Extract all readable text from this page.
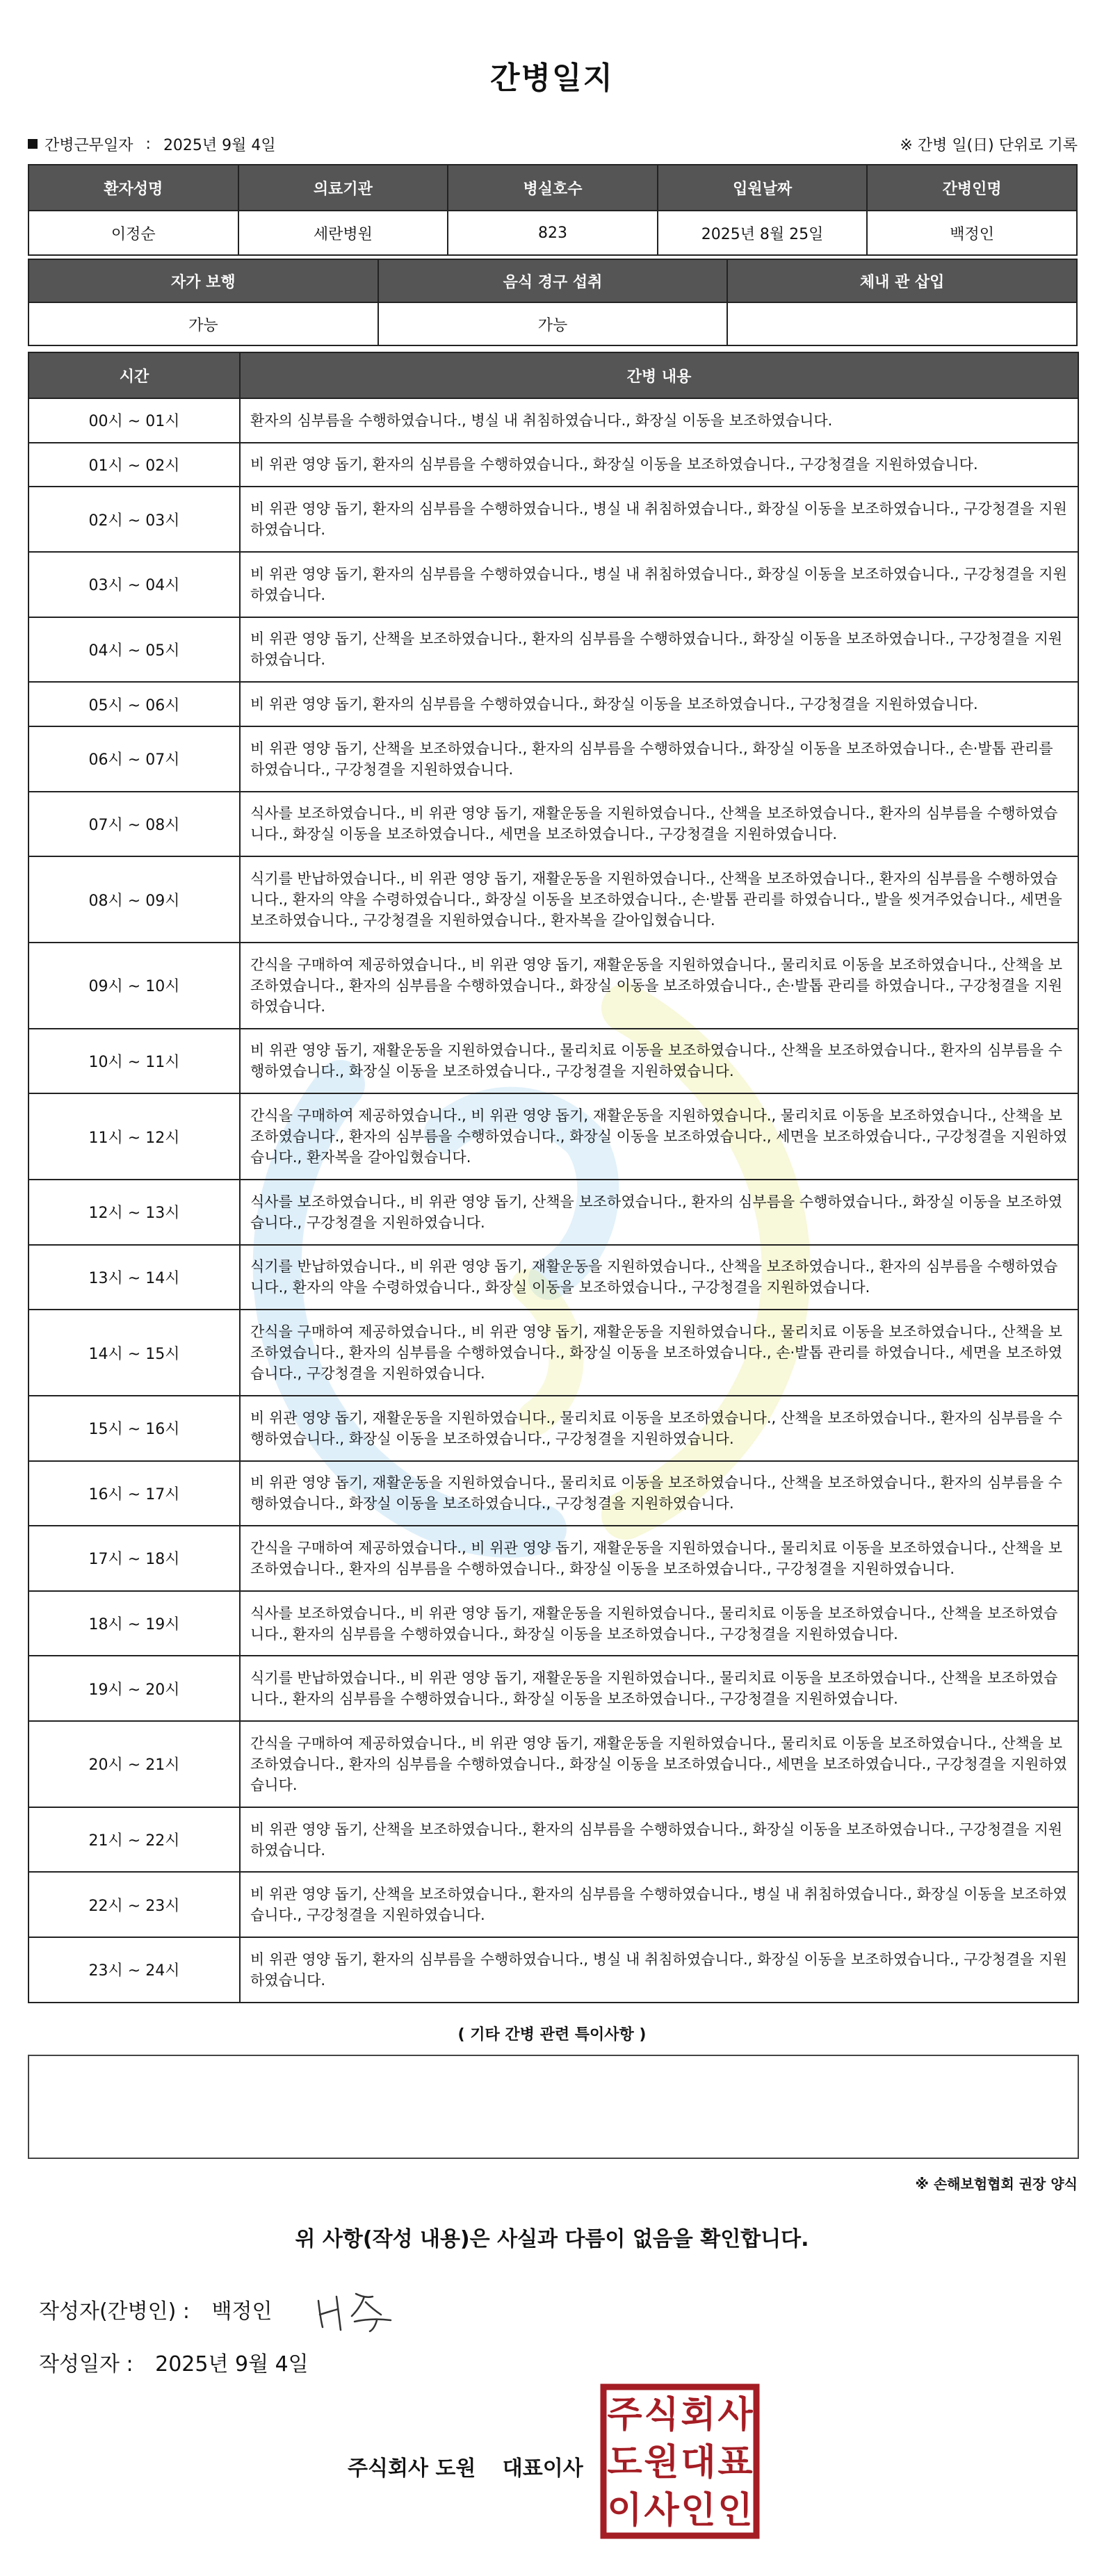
간병일지
간병근무일자 : 2025년 9월 4일	※ 간병 일(日) 단위로 기록
환자성명	의료기관	병실호수	입원날짜	간병인명
이정순	세란병원	823	2025년 8월 25일	백정인
자가 보행	음식 경구 섭취	체내 관 삽입
가능	가능	
시간	간병 내용
00시 ~ 01시	환자의 심부름을 수행하였습니다., 병실 내 취침하였습니다., 화장실 이동을 보조하였습니다.
01시 ~ 02시	비 위관 영양 돕기, 환자의 심부름을 수행하였습니다., 화장실 이동을 보조하였습니다., 구강청결을 지원하였습니다.
02시 ~ 03시	비 위관 영양 돕기, 환자의 심부름을 수행하였습니다., 병실 내 취침하였습니다., 화장실 이동을 보조하였습니다., 구강청결을 지원하였습니다.
03시 ~ 04시	비 위관 영양 돕기, 환자의 심부름을 수행하였습니다., 병실 내 취침하였습니다., 화장실 이동을 보조하였습니다., 구강청결을 지원하였습니다.
04시 ~ 05시	비 위관 영양 돕기, 산책을 보조하였습니다., 환자의 심부름을 수행하였습니다., 화장실 이동을 보조하였습니다., 구강청결을 지원하였습니다.
05시 ~ 06시	비 위관 영양 돕기, 환자의 심부름을 수행하였습니다., 화장실 이동을 보조하였습니다., 구강청결을 지원하였습니다.
06시 ~ 07시	비 위관 영양 돕기, 산책을 보조하였습니다., 환자의 심부름을 수행하였습니다., 화장실 이동을 보조하였습니다., 손·발톱 관리를 하였습니다., 구강청결을 지원하였습니다.
07시 ~ 08시	식사를 보조하였습니다., 비 위관 영양 돕기, 재활운동을 지원하였습니다., 산책을 보조하였습니다., 환자의 심부름을 수행하였습니다., 화장실 이동을 보조하였습니다., 세면을 보조하였습니다., 구강청결을 지원하였습니다.
08시 ~ 09시	식기를 반납하였습니다., 비 위관 영양 돕기, 재활운동을 지원하였습니다., 산책을 보조하였습니다., 환자의 심부름을 수행하였습니다., 환자의 약을 수령하였습니다., 화장실 이동을 보조하였습니다., 손·발톱 관리를 하였습니다., 발을 씻겨주었습니다., 세면을 보조하였습니다., 구강청결을 지원하였습니다., 환자복을 갈아입혔습니다.
09시 ~ 10시	간식을 구매하여 제공하였습니다., 비 위관 영양 돕기, 재활운동을 지원하였습니다., 물리치료 이동을 보조하였습니다., 산책을 보조하였습니다., 환자의 심부름을 수행하였습니다., 화장실 이동을 보조하였습니다., 손·발톱 관리를 하였습니다., 구강청결을 지원하였습니다.
10시 ~ 11시	비 위관 영양 돕기, 재활운동을 지원하였습니다., 물리치료 이동을 보조하였습니다., 산책을 보조하였습니다., 환자의 심부름을 수행하였습니다., 화장실 이동을 보조하였습니다., 구강청결을 지원하였습니다.
11시 ~ 12시	간식을 구매하여 제공하였습니다., 비 위관 영양 돕기, 재활운동을 지원하였습니다., 물리치료 이동을 보조하였습니다., 산책을 보조하였습니다., 환자의 심부름을 수행하였습니다., 화장실 이동을 보조하였습니다., 세면을 보조하였습니다., 구강청결을 지원하였습니다., 환자복을 갈아입혔습니다.
12시 ~ 13시	식사를 보조하였습니다., 비 위관 영양 돕기, 산책을 보조하였습니다., 환자의 심부름을 수행하였습니다., 화장실 이동을 보조하였습니다., 구강청결을 지원하였습니다.
13시 ~ 14시	식기를 반납하였습니다., 비 위관 영양 돕기, 재활운동을 지원하였습니다., 산책을 보조하였습니다., 환자의 심부름을 수행하였습니다., 환자의 약을 수령하였습니다., 화장실 이동을 보조하였습니다., 구강청결을 지원하였습니다.
14시 ~ 15시	간식을 구매하여 제공하였습니다., 비 위관 영양 돕기, 재활운동을 지원하였습니다., 물리치료 이동을 보조하였습니다., 산책을 보조하였습니다., 환자의 심부름을 수행하였습니다., 화장실 이동을 보조하였습니다., 손·발톱 관리를 하였습니다., 세면을 보조하였습니다., 구강청결을 지원하였습니다.
15시 ~ 16시	비 위관 영양 돕기, 재활운동을 지원하였습니다., 물리치료 이동을 보조하였습니다., 산책을 보조하였습니다., 환자의 심부름을 수행하였습니다., 화장실 이동을 보조하였습니다., 구강청결을 지원하였습니다.
16시 ~ 17시	비 위관 영양 돕기, 재활운동을 지원하였습니다., 물리치료 이동을 보조하였습니다., 산책을 보조하였습니다., 환자의 심부름을 수행하였습니다., 화장실 이동을 보조하였습니다., 구강청결을 지원하였습니다.
17시 ~ 18시	간식을 구매하여 제공하였습니다., 비 위관 영양 돕기, 재활운동을 지원하였습니다., 물리치료 이동을 보조하였습니다., 산책을 보조하였습니다., 환자의 심부름을 수행하였습니다., 화장실 이동을 보조하였습니다., 구강청결을 지원하였습니다.
18시 ~ 19시	식사를 보조하였습니다., 비 위관 영양 돕기, 재활운동을 지원하였습니다., 물리치료 이동을 보조하였습니다., 산책을 보조하였습니다., 환자의 심부름을 수행하였습니다., 화장실 이동을 보조하였습니다., 구강청결을 지원하였습니다.
19시 ~ 20시	식기를 반납하였습니다., 비 위관 영양 돕기, 재활운동을 지원하였습니다., 물리치료 이동을 보조하였습니다., 산책을 보조하였습니다., 환자의 심부름을 수행하였습니다., 화장실 이동을 보조하였습니다., 구강청결을 지원하였습니다.
20시 ~ 21시	간식을 구매하여 제공하였습니다., 비 위관 영양 돕기, 재활운동을 지원하였습니다., 물리치료 이동을 보조하였습니다., 산책을 보조하였습니다., 환자의 심부름을 수행하였습니다., 화장실 이동을 보조하였습니다., 세면을 보조하였습니다., 구강청결을 지원하였습니다.
21시 ~ 22시	비 위관 영양 돕기, 산책을 보조하였습니다., 환자의 심부름을 수행하였습니다., 화장실 이동을 보조하였습니다., 구강청결을 지원하였습니다.
22시 ~ 23시	비 위관 영양 돕기, 산책을 보조하였습니다., 환자의 심부름을 수행하였습니다., 병실 내 취침하였습니다., 화장실 이동을 보조하였습니다., 구강청결을 지원하였습니다.
23시 ~ 24시	비 위관 영양 돕기, 환자의 심부름을 수행하였습니다., 병실 내 취침하였습니다., 화장실 이동을 보조하였습니다., 구강청결을 지원하였습니다.
( 기타 간병 관련 특이사항 )
※ 손해보험협회 권장 양식
위 사항(작성 내용)은 사실과 다름이 없음을 확인합니다.
작성자(간병인) : 백정인
작성일자 : 2025년 9월 4일
주식회사 도원 대표이사
주 식 회 사
도 원 대 표
이 사 인 인
